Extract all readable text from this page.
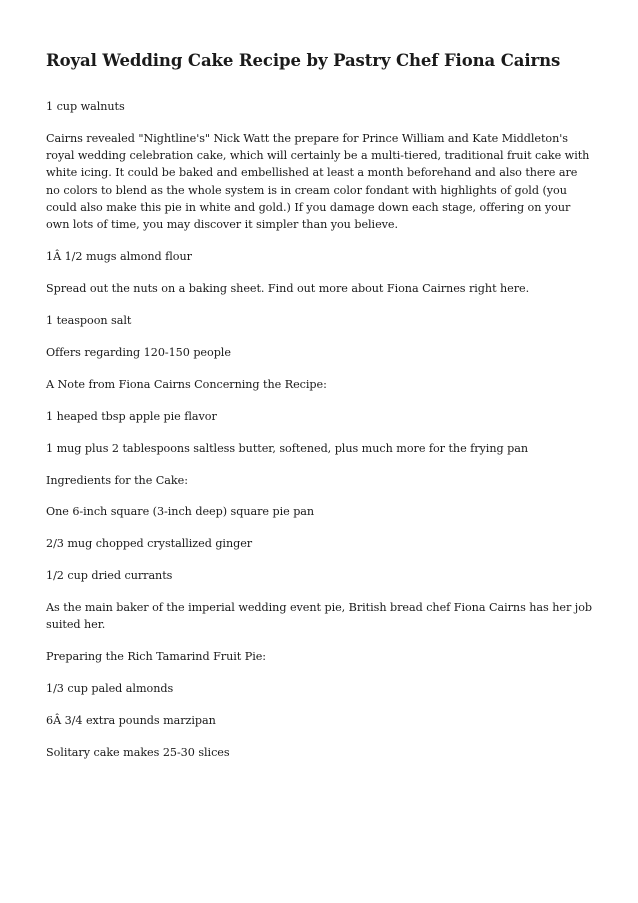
Royal Wedding Cake Recipe by Pastry Chef Fiona Cairns

1 cup walnuts

Cairns revealed "Nightline's" Nick Watt the prepare for Prince William and Kate Middleton's royal wedding celebration cake, which will certainly be a multi-tiered, traditional fruit cake with white icing. It could be baked and embellished at least a month beforehand and also there are no colors to blend as the whole system is in cream color fondant with highlights of gold (you could also make this pie in white and gold.) If you damage down each stage, offering on your own lots of time, you may discover it simpler than you believe.

1Â 1/2 mugs almond flour

Spread out the nuts on a baking sheet. Find out more about Fiona Cairnes right here.

1 teaspoon salt

Offers regarding 120-150 people

A Note from Fiona Cairns Concerning the Recipe:

1 heaped tbsp apple pie flavor

1 mug plus 2 tablespoons saltless butter, softened, plus much more for the frying pan

Ingredients for the Cake:

One 6-inch square (3-inch deep) square pie pan

2/3 mug chopped crystallized ginger

1/2 cup dried currants

As the main baker of the imperial wedding event pie, British bread chef Fiona Cairns has her job suited her.

Preparing the Rich Tamarind Fruit Pie:

1/3 cup paled almonds

6Â 3/4 extra pounds marzipan

Solitary cake makes 25-30 slices
